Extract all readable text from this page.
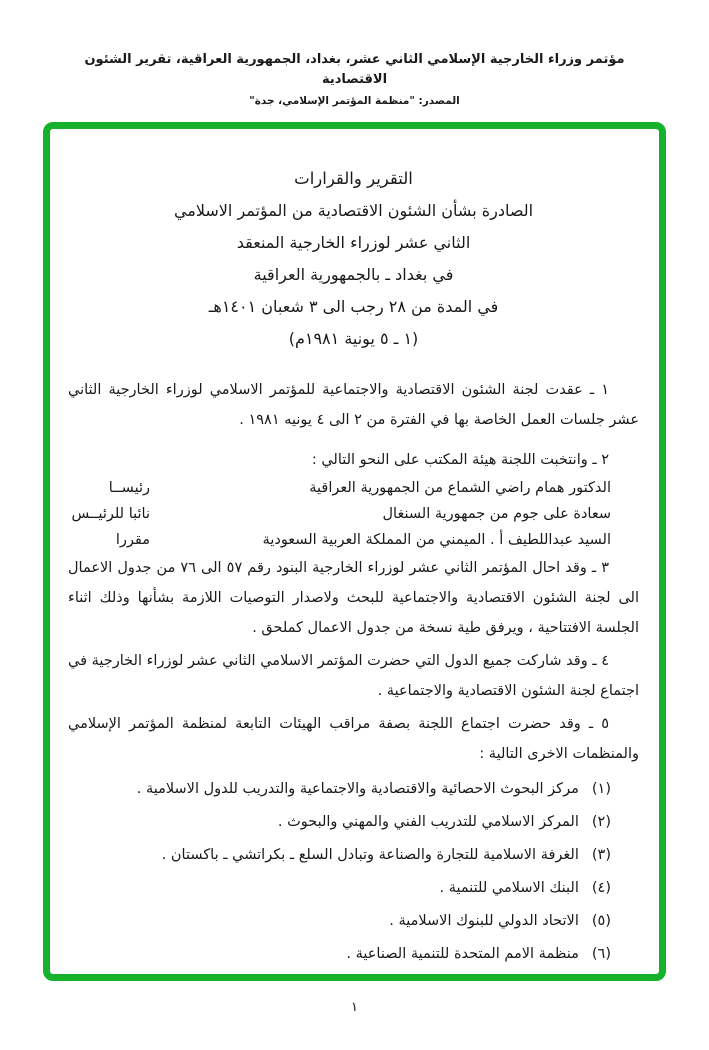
مؤتمر وزراء الخارجية الإسلامي الثاني عشر، بغداد، الجمهورية العراقية، تقرير الشئون الاقتصادية
المصدر: "منظمة المؤتمر الإسلامي، جدة"
التقرير والقرارات
الصادرة بشأن الشئون الاقتصادية من المؤتمر الاسلامي
الثاني عشر لوزراء الخارجية المنعقد
في بغداد ـ بالجمهورية العراقية
في المدة من ٢٨ رجب الى ٣ شعبان ١٤٠١هـ
(١ ـ ٥ يونية ١٩٨١م)

١ ـ عقدت لجنة الشئون الاقتصادية والاجتماعية للمؤتمر الاسلامي لوزراء الخارجية الثاني عشر جلسات العمل الخاصة بها في الفترة من ٢ الى ٤ يونيه ١٩٨١ .

٢ ـ وانتخبت اللجنة هيئة المكتب على النحو التالي :

الدكتور همام راضي الشماع من الجمهورية العراقية
رئيســا
سعادة على جوم من جمهورية السنغال
نائبا للرئيــس
السيد عبداللطيف أ . الميمني من المملكة العربية السعودية
مقررا

٣ ـ وقد احال المؤتمر الثاني عشر لوزراء الخارجية البنود رقم ٥٧ الى ٧٦ من جدول الاعمال الى لجنة الشئون الاقتصادية والاجتماعية للبحث ولاصدار التوصيات اللازمة بشأنها وذلك اثناء الجلسة الافتتاحية ، ويرفق طية نسخة من جدول الاعمال كملحق .

٤ ـ وقد شاركت جميع الدول التي حضرت المؤتمر الاسلامي الثاني عشر لوزراء الخارجية في اجتماع لجنة الشئون الاقتصادية والاجتماعية .

٥ ـ وقد حضرت اجتماع اللجنة بصفة مراقب الهيئات التابعة لمنظمة المؤتمر الإسلامي والمنظمات الاخرى التالية :

(١)
مركز البحوث الاحصائية والاقتصادية والاجتماعية والتدريب للدول الاسلامية .
(٢)
المركز الاسلامي للتدريب الفني والمهني والبحوث .
(٣)
الغرفة الاسلامية للتجارة والصناعة وتبادل السلع ـ بكراتشي ـ باكستان .
(٤)
البنك الاسلامي للتنمية .
(٥)
الاتحاد الدولي للبنوك الاسلامية .
(٦)
منظمة الامم المتحدة للتنمية الصناعية .
١
